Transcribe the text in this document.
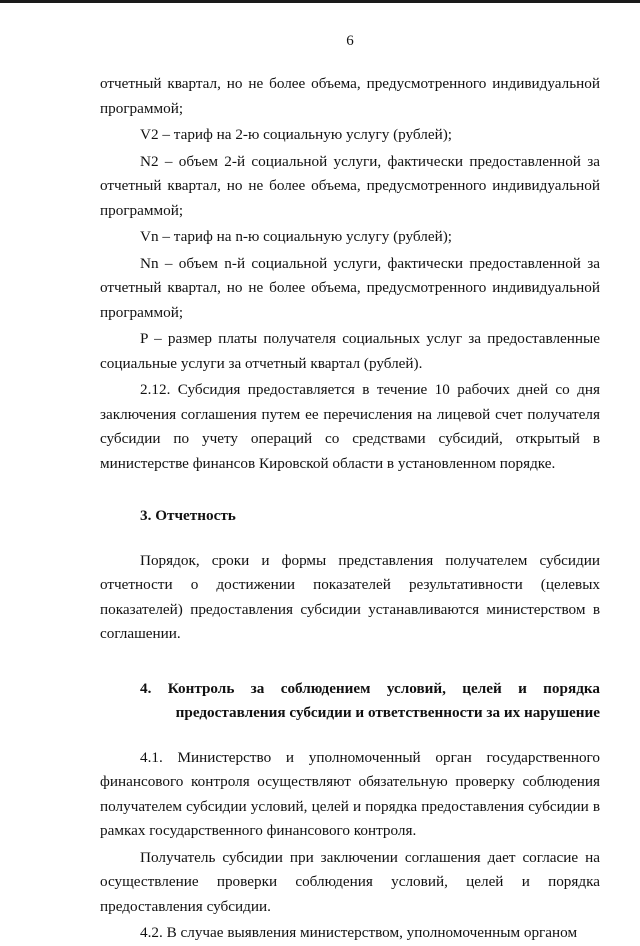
6

отчетный квартал, но не более объема, предусмотренного индивидуальной программой;

V2 – тариф на 2-ю социальную услугу (рублей);

N2 – объем 2-й социальной услуги, фактически предоставленной за отчетный квартал, но не более объема, предусмотренного индивидуальной программой;

Vn – тариф на n-ю социальную услугу (рублей);

Nn – объем n-й социальной услуги, фактически предоставленной за отчетный квартал, но не более объема, предусмотренного индивидуальной программой;

P – размер платы получателя социальных услуг за предоставленные социальные услуги за отчетный квартал (рублей).

2.12. Субсидия предоставляется в течение 10 рабочих дней со дня заключения соглашения путем ее перечисления на лицевой счет получателя субсидии по учету операций со средствами субсидий, открытый в министерстве финансов Кировской области в установленном порядке.

3. Отчетность

Порядок, сроки и формы представления получателем субсидии отчетности о достижении показателей результативности (целевых показателей) предоставления субсидии устанавливаются министерством в соглашении.

4. Контроль за соблюдением условий, целей и порядка

предоставления субсидии и ответственности за их нарушение

4.1. Министерство и уполномоченный орган государственного финансового контроля осуществляют обязательную проверку соблюдения получателем субсидии условий, целей и порядка предоставления субсидии в рамках государственного финансового контроля.

Получатель субсидии при заключении соглашения дает согласие на осуществление проверки соблюдения условий, целей и порядка предоставления субсидии.

4.2. В случае выявления министерством, уполномоченным органом
